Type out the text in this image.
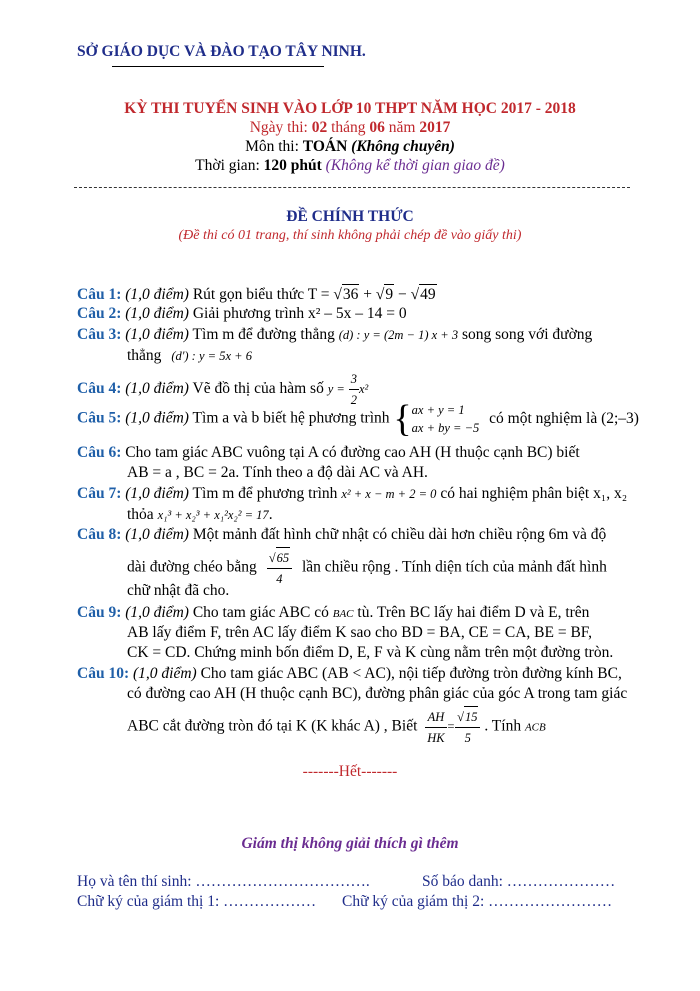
SỞ GIÁO DỤC VÀ ĐÀO TẠO TÂY NINH.
KỲ THI TUYỂN SINH VÀO LỚP 10 THPT NĂM HỌC 2017 - 2018
Ngày thi: 02 tháng 06 năm 2017
Môn thi: TOÁN (Không chuyên)
Thời gian: 120 phút (Không kể thời gian giao đề)
ĐỀ CHÍNH THỨC
(Đề thi có 01 trang, thí sinh không phải chép đề vào giấy thi)
Câu 1: (1,0 điểm) Rút gọn biểu thức T = √36 + √9 − √49
Câu 2: (1,0 điểm) Giải phương trình x² – 5x – 14 = 0
Câu 3: (1,0 điểm) Tìm m để đường thẳng (d) : y = (2m − 1) x + 3 song song với đường
thẳng (d') : y = 5x + 6
Câu 4: (1,0 điểm) Vẽ đồ thị của hàm số $y = \frac{3}{2} x^2$
Câu 5: (1,0 điểm) Tìm a và b biết hệ phương trình { ax + y = 1
ax + by = −5
có một nghiệm là (2;–3)
Câu 6: Cho tam giác ABC vuông tại A có đường cao AH (H thuộc cạnh BC) biết
AB = a , BC = 2a. Tính theo a độ dài AC và AH.
Câu 7: (1,0 điểm) Tìm m để phương trình x² + x − m + 2 = 0 có hai nghiệm phân biệt x₁, x₂
thỏa x₁³ + x₂³ + x₁²x₂² = 17.
Câu 8: (1,0 điểm) Một mảnh đất hình chữ nhật có chiều dài hơn chiều rộng 6m và độ
dài đường chéo bằng $\frac{√65}{4}$ lần chiều rộng . Tính diện tích của mảnh đất hình
chữ nhật đã cho.
Câu 9: (1,0 điểm) Cho tam giác ABC có BAC tù. Trên BC lấy hai điểm D và E, trên
AB lấy điểm F, trên AC lấy điểm K sao cho BD = BA, CE = CA, BE = BF,
CK = CD. Chứng minh bốn điểm D, E, F và K cùng nằm trên một đường tròn.
Câu 10: (1,0 điểm) Cho tam giác ABC (AB < AC), nội tiếp đường tròn đường kính BC,
có đường cao AH (H thuộc cạnh BC), đường phân giác của góc A trong tam giác
ABC cắt đường tròn đó tại K (K khác A) , Biết $\frac{AH}{HK} = \frac{√15}{5}$ . Tính ACB
-------Hết-------
Giám thị không giải thích gì thêm
Họ và tên thí sinh: …………………………….	Số báo danh: …………………
Chữ ký của giám thị 1: ……………… Chữ ký của giám thị 2: ……………………
